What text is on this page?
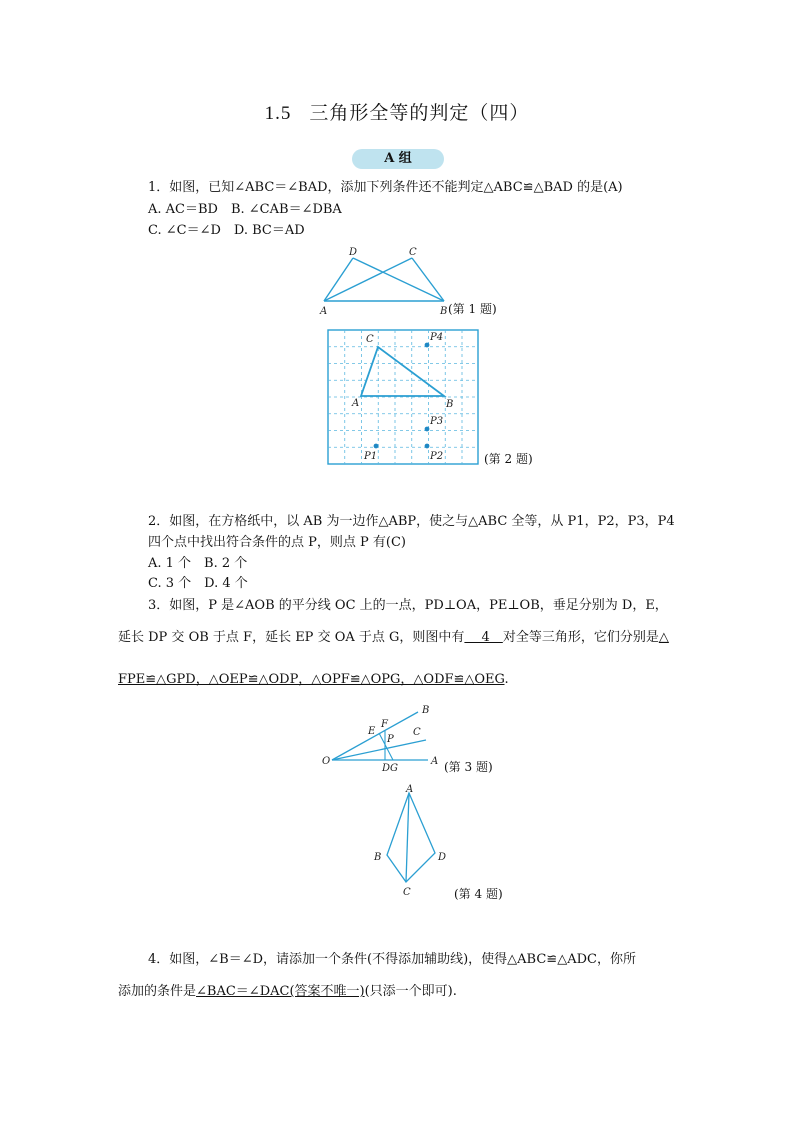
1.5 三角形全等的判定（四）
A 组
1．如图，已知∠ABC＝∠BAD，添加下列条件还不能判定△ABC≌△BAD 的是(A)
A. AC＝BD　B. ∠CAB＝∠DBA
C. ∠C＝∠D　D. BC＝AD
D	C
A	B (第 1 题)
C
A	B
P4
P3
P1	P2	(第 2 题)
2．如图，在方格纸中，以 AB 为一边作△ABP，使之与△ABC 全等，从 P1，P2，P3，P4
四个点中找出符合条件的点 P，则点 P 有(C)
A. 1 个　B. 2 个
C. 3 个　D. 4 个
3．如图，P 是∠AOB 的平分线 OC 上的一点，PD⊥OA，PE⊥OB，垂足分别为 D，E，
延长 DP 交 OB 于点 F，延长 EP 交 OA 于点 G，则图中有　 4　对全等三角形，它们分别是△
FPE≌△GPD，△OEP≌△ODP，△OPF≌△OPG，△ODF≌△OEG.
B
E
F
P
C
O
D G
A (第 3 题)
A
B	D
C	(第 4 题)
4．如图，∠B＝∠D，请添加一个条件(不得添加辅助线)，使得△ABC≌△ADC，你所
添加的条件是∠BAC＝∠DAC(答案不唯一)(只添一个即可).
